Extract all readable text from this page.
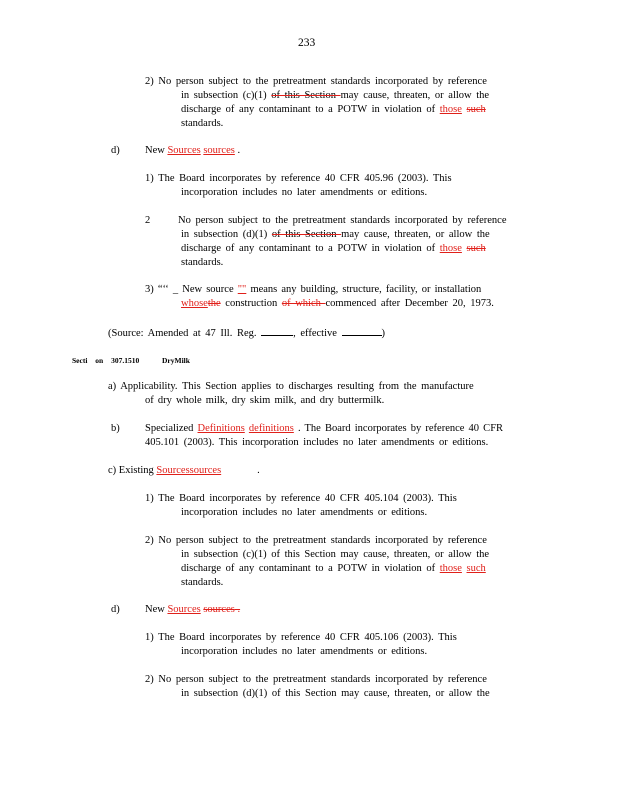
233
2) No person subject to the pretreatment standards incorporated by reference
in subsection (c)(1) of this Section may cause, threaten, or allow the
discharge of any contaminant to a POTW in violation of those such
standards.
d) New Sources sources .
1) The Board incorporates by reference 40 CFR 405.96 (2003). This
incorporation includes no later amendments or editions.
2	No person subject to the pretreatment standards incorporated by reference
in subsection (d)(1) of this Section may cause, threaten, or allow the
discharge of any contaminant to a POTW in violation of those such
standards.
3) “‘‘ _ New source "" means any building, structure, facility, or installation
whosethe construction of which commenced after December 20, 1973.
(Source: Amended at 47 Ill. Reg.	, effective	)
Secti on 307.1510	DryMilk
a) Applicability. This Section applies to discharges resulting from the manufacture
of dry whole milk, dry skim milk, and dry buttermilk.
b) Specialized Definitions definitions . The Board incorporates by reference 40 CFR
405.101 (2003). This incorporation includes no later amendments or editions.
c) Existing Sourcessources	.
1) The Board incorporates by reference 40 CFR 405.104 (2003). This
incorporation includes no later amendments or editions.
2) No person subject to the pretreatment standards incorporated by reference
in subsection (c)(1) of this Section may cause, threaten, or allow the
discharge of any contaminant to a POTW in violation of those such
standards.
d) New Sources sources .
1) The Board incorporates by reference 40 CFR 405.106 (2003). This
incorporation includes no later amendments or editions.
2) No person subject to the pretreatment standards incorporated by reference
in subsection (d)(1) of this Section may cause, threaten, or allow the
